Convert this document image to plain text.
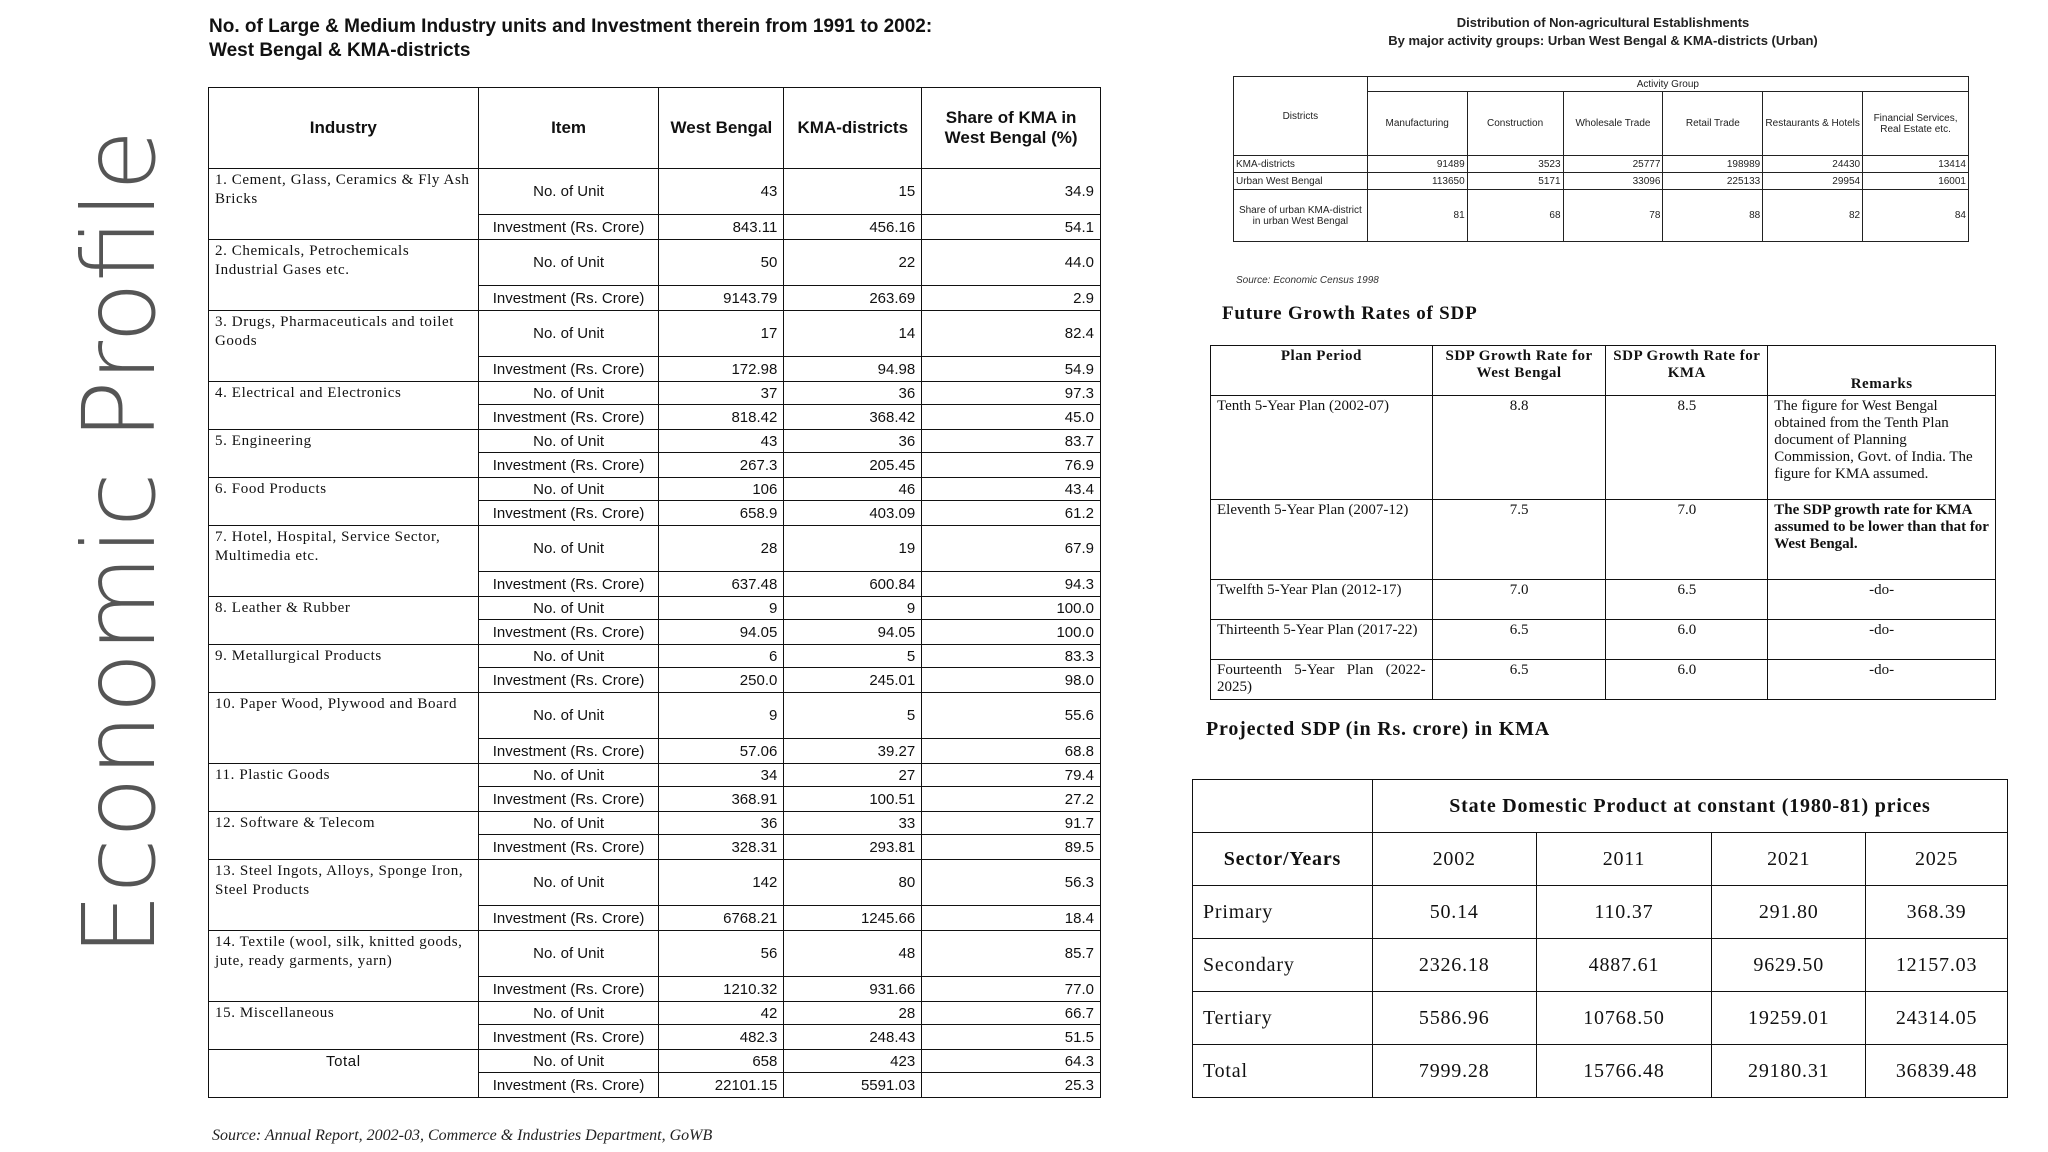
Economic Profile
No. of Large & Medium Industry units and Investment therein from 1991 to 2002:
West Bengal & KMA-districts
Industry	Item	West Bengal	KMA-districts	Share of KMA in West Bengal (%)
1. Cement, Glass, Ceramics & Fly Ash Bricks	No. of Unit	43	15	34.9
	Investment (Rs. Crore)	843.11	456.16	54.1
2. Chemicals, Petrochemicals Industrial Gases etc.	No. of Unit	50	22	44.0
	Investment (Rs. Crore)	9143.79	263.69	2.9
3. Drugs, Pharmaceuticals and toilet Goods	No. of Unit	17	14	82.4
	Investment (Rs. Crore)	172.98	94.98	54.9
4. Electrical and Electronics	No. of Unit	37	36	97.3
	Investment (Rs. Crore)	818.42	368.42	45.0
5. Engineering	No. of Unit	43	36	83.7
	Investment (Rs. Crore)	267.3	205.45	76.9
6. Food Products	No. of Unit	106	46	43.4
	Investment (Rs. Crore)	658.9	403.09	61.2
7. Hotel, Hospital, Service Sector, Multimedia etc.	No. of Unit	28	19	67.9
	Investment (Rs. Crore)	637.48	600.84	94.3
8. Leather & Rubber	No. of Unit	9	9	100.0
	Investment (Rs. Crore)	94.05	94.05	100.0
9. Metallurgical Products	No. of Unit	6	5	83.3
	Investment (Rs. Crore)	250.0	245.01	98.0
10. Paper Wood, Plywood and Board	No. of Unit	9	5	55.6
	Investment (Rs. Crore)	57.06	39.27	68.8
11. Plastic Goods	No. of Unit	34	27	79.4
	Investment (Rs. Crore)	368.91	100.51	27.2
12. Software & Telecom	No. of Unit	36	33	91.7
	Investment (Rs. Crore)	328.31	293.81	89.5
13. Steel Ingots, Alloys, Sponge Iron, Steel Products	No. of Unit	142	80	56.3
	Investment (Rs. Crore)	6768.21	1245.66	18.4
14. Textile (wool, silk, knitted goods, jute, ready garments, yarn)	No. of Unit	56	48	85.7
	Investment (Rs. Crore)	1210.32	931.66	77.0
15. Miscellaneous	No. of Unit	42	28	66.7
	Investment (Rs. Crore)	482.3	248.43	51.5
Total	No. of Unit	658	423	64.3
	Investment (Rs. Crore)	22101.15	5591.03	25.3
Source: Annual Report, 2002-03, Commerce & Industries Department, GoWB
Distribution of Non-agricultural Establishments
By major activity groups: Urban West Bengal & KMA-districts (Urban)
Districts	Activity Group					
	Manufacturing	Construction	Wholesale Trade	Retail Trade	Restaurants & Hotels	Financial Services, Real Estate etc.
KMA-districts	91489	3523	25777	198989	24430	13414
Urban West Bengal	113650	5171	33096	225133	29954	16001
Share of urban KMA-district in urban West Bengal	81	68	78	88	82	84
Source: Economic Census 1998
Future Growth Rates of SDP
Plan Period	SDP Growth Rate for West Bengal	SDP Growth Rate for KMA	Remarks
Tenth 5-Year Plan (2002-07)	8.8	8.5	The figure for West Bengal obtained from the Tenth Plan document of Planning Commission, Govt. of India. The figure for KMA assumed.
Eleventh 5-Year Plan (2007-12)	7.5	7.0	The SDP growth rate for KMA assumed to be lower than that for West Bengal.
Twelfth 5-Year Plan (2012-17)	7.0	6.5	-do-
Thirteenth 5-Year Plan (2017-22)	6.5	6.0	-do-
Fourteenth 5-Year Plan (2022-2025)	6.5	6.0	-do-
Projected SDP (in Rs. crore) in KMA
	State Domestic Product at constant (1980-81) prices			
Sector/Years	2002	2011	2021	2025
Primary	50.14	110.37	291.80	368.39
Secondary	2326.18	4887.61	9629.50	12157.03
Tertiary	5586.96	10768.50	19259.01	24314.05
Total	7999.28	15766.48	29180.31	36839.48
